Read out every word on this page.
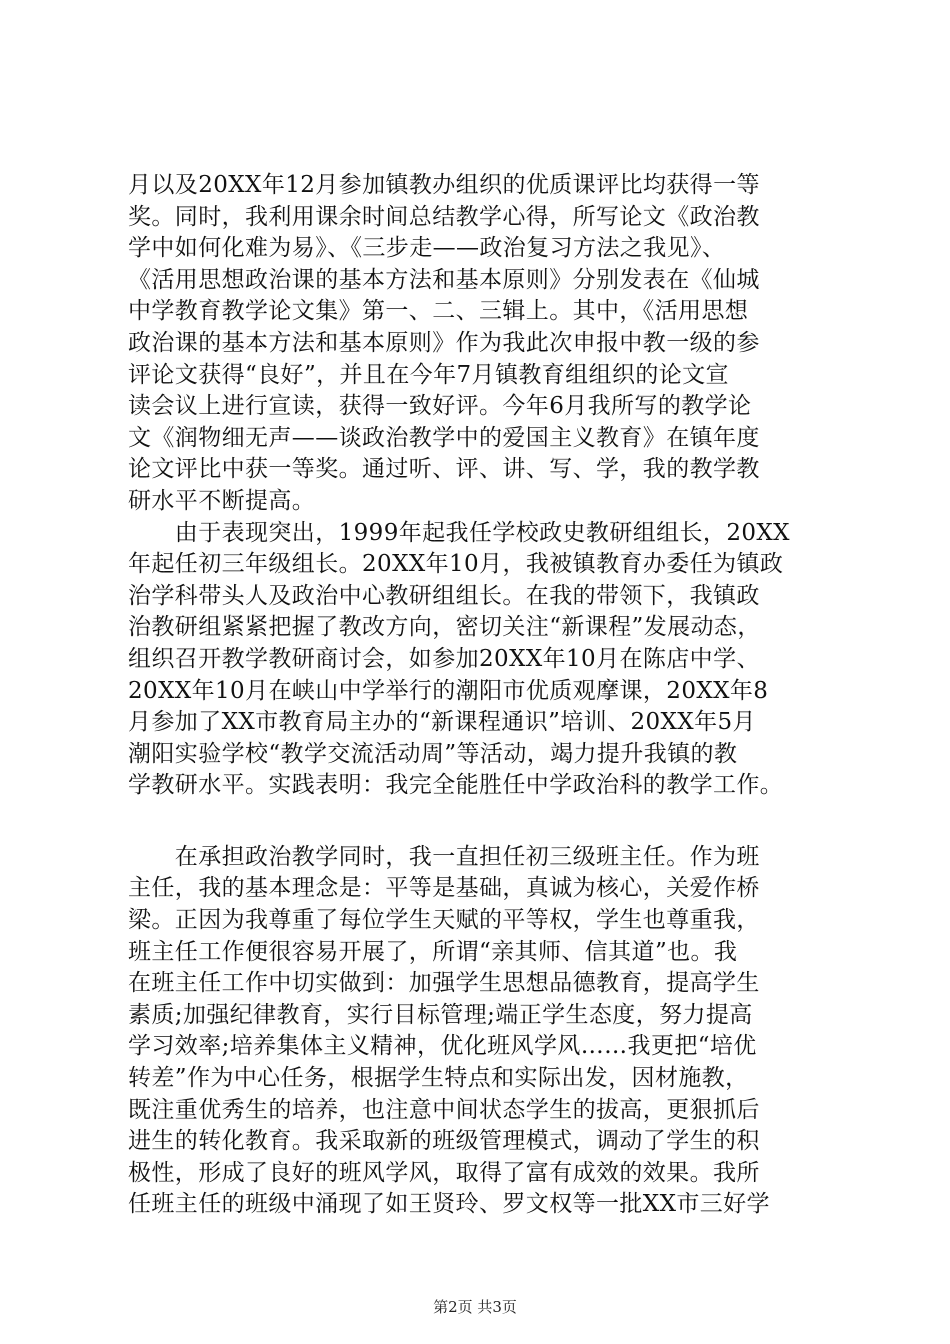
月以及20XX年12月参加镇教办组织的优质课评比均获得一等
奖。同时，我利用课余时间总结教学心得，所写论文《政治教
学中如何化难为易》、《三步走——政治复习方法之我见》、
《活用思想政治课的基本方法和基本原则》分别发表在《仙城
中学教育教学论文集》第一、二、三辑上。其中，《活用思想
政治课的基本方法和基本原则》作为我此次申报中教一级的参
评论文获得“良好”，并且在今年7月镇教育组组织的论文宣
读会议上进行宣读，获得一致好评。今年6月我所写的教学论
文《润物细无声——谈政治教学中的爱国主义教育》在镇年度
论文评比中获一等奖。通过听、评、讲、写、学，我的教学教
研水平不断提高。
　　由于表现突出，1999年起我任学校政史教研组组长，20XX
年起任初三年级组长。20XX年10月，我被镇教育办委任为镇政
治学科带头人及政治中心教研组组长。在我的带领下，我镇政
治教研组紧紧把握了教改方向，密切关注“新课程”发展动态，
组织召开教学教研商讨会，如参加20XX年10月在陈店中学、
20XX年10月在峡山中学举行的潮阳市优质观摩课，20XX年8
月参加了XX市教育局主办的“新课程通识”培训、20XX年5月
潮阳实验学校“教学交流活动周”等活动，竭力提升我镇的教
学教研水平。实践表明：我完全能胜任中学政治科的教学工作。
　　在承担政治教学同时，我一直担任初三级班主任。作为班
主任，我的基本理念是：平等是基础，真诚为核心，关爱作桥
梁。正因为我尊重了每位学生天赋的平等权，学生也尊重我，
班主任工作便很容易开展了，所谓“亲其师、信其道”也。我
在班主任工作中切实做到：加强学生思想品德教育，提高学生
素质;加强纪律教育，实行目标管理;端正学生态度，努力提高
学习效率;培养集体主义精神，优化班风学风……我更把“培优
转差”作为中心任务，根据学生特点和实际出发，因材施教，
既注重优秀生的培养，也注意中间状态学生的拔高，更狠抓后
进生的转化教育。我采取新的班级管理模式，调动了学生的积
极性，形成了良好的班风学风，取得了富有成效的效果。我所
任班主任的班级中涌现了如王贤玲、罗文权等一批XX市三好学
第2页 共3页
